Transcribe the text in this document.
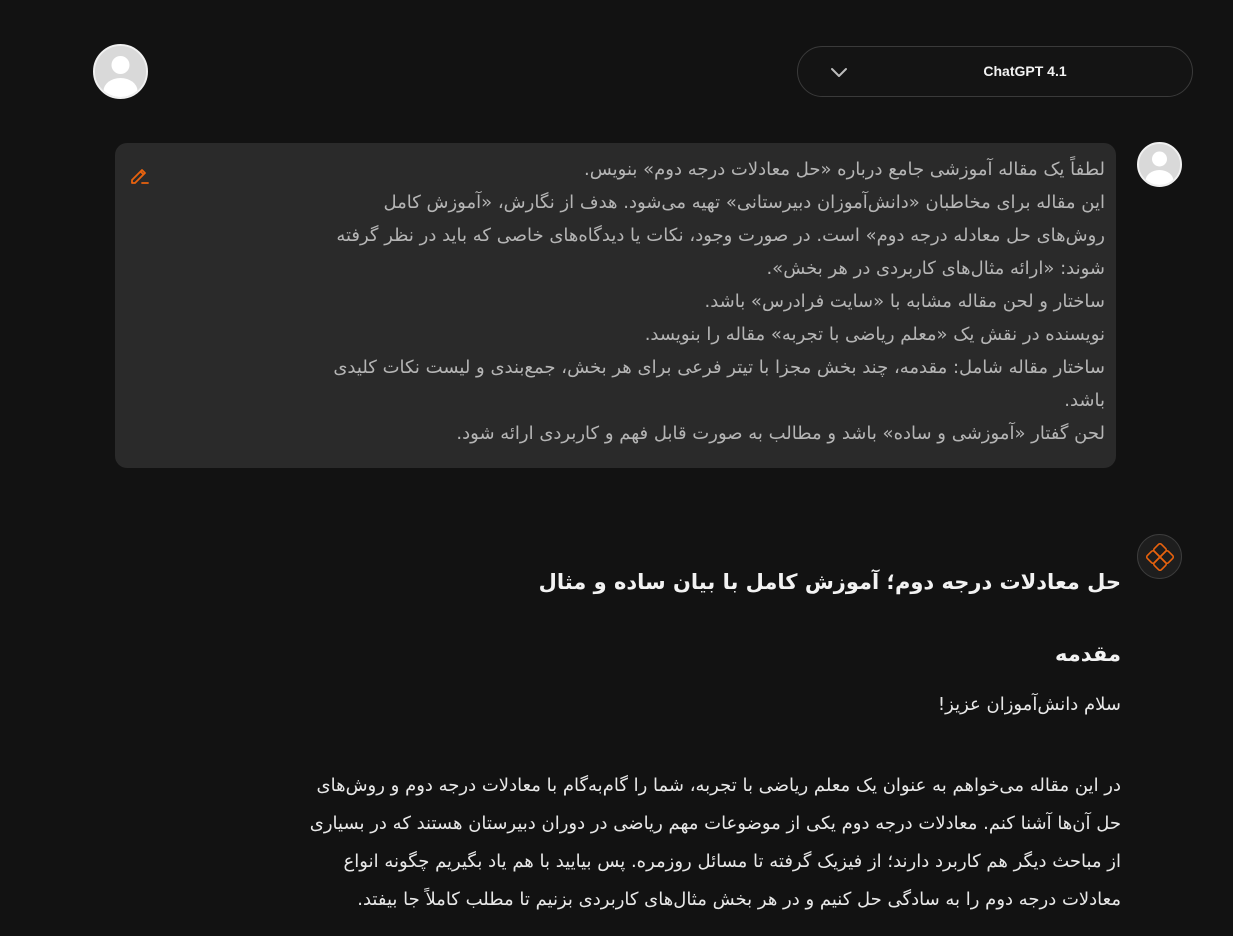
ChatGPT 4.1
لطفاً یک مقاله آموزشی جامع درباره «حل معادلات درجه دوم» بنویس.
این مقاله برای مخاطبان «دانش‌آموزان دبیرستانی» تهیه می‌شود. هدف از نگارش، «آموزش کامل
روش‌های حل معادله درجه دوم» است. در صورت وجود، نکات یا دیدگاه‌های خاصی که باید در نظر گرفته
شوند: «ارائه مثال‌های کاربردی در هر بخش».
ساختار و لحن مقاله مشابه با «سایت فرادرس» باشد.
نویسنده در نقش یک «معلم ریاضی با تجربه» مقاله را بنویسد.
ساختار مقاله شامل: مقدمه، چند بخش مجزا با تیتر فرعی برای هر بخش، جمع‌بندی و لیست نکات کلیدی
باشد.
لحن گفتار «آموزشی و ساده» باشد و مطالب به صورت قابل فهم و کاربردی ارائه شود.
حل معادلات درجه دوم؛ آموزش کامل با بیان ساده و مثال
مقدمه
سلام دانش‌آموزان عزیز!
در این مقاله می‌خواهم به عنوان یک معلم ریاضی با تجربه، شما را گام‌به‌گام با معادلات درجه دوم و روش‌های
حل آن‌ها آشنا کنم. معادلات درجه دوم یکی از موضوعات مهم ریاضی در دوران دبیرستان هستند که در بسیاری
از مباحث دیگر هم کاربرد دارند؛ از فیزیک گرفته تا مسائل روزمره. پس بیایید با هم یاد بگیریم چگونه انواع
معادلات درجه دوم را به سادگی حل کنیم و در هر بخش مثال‌های کاربردی بزنیم تا مطلب کاملاً جا بیفتد.
